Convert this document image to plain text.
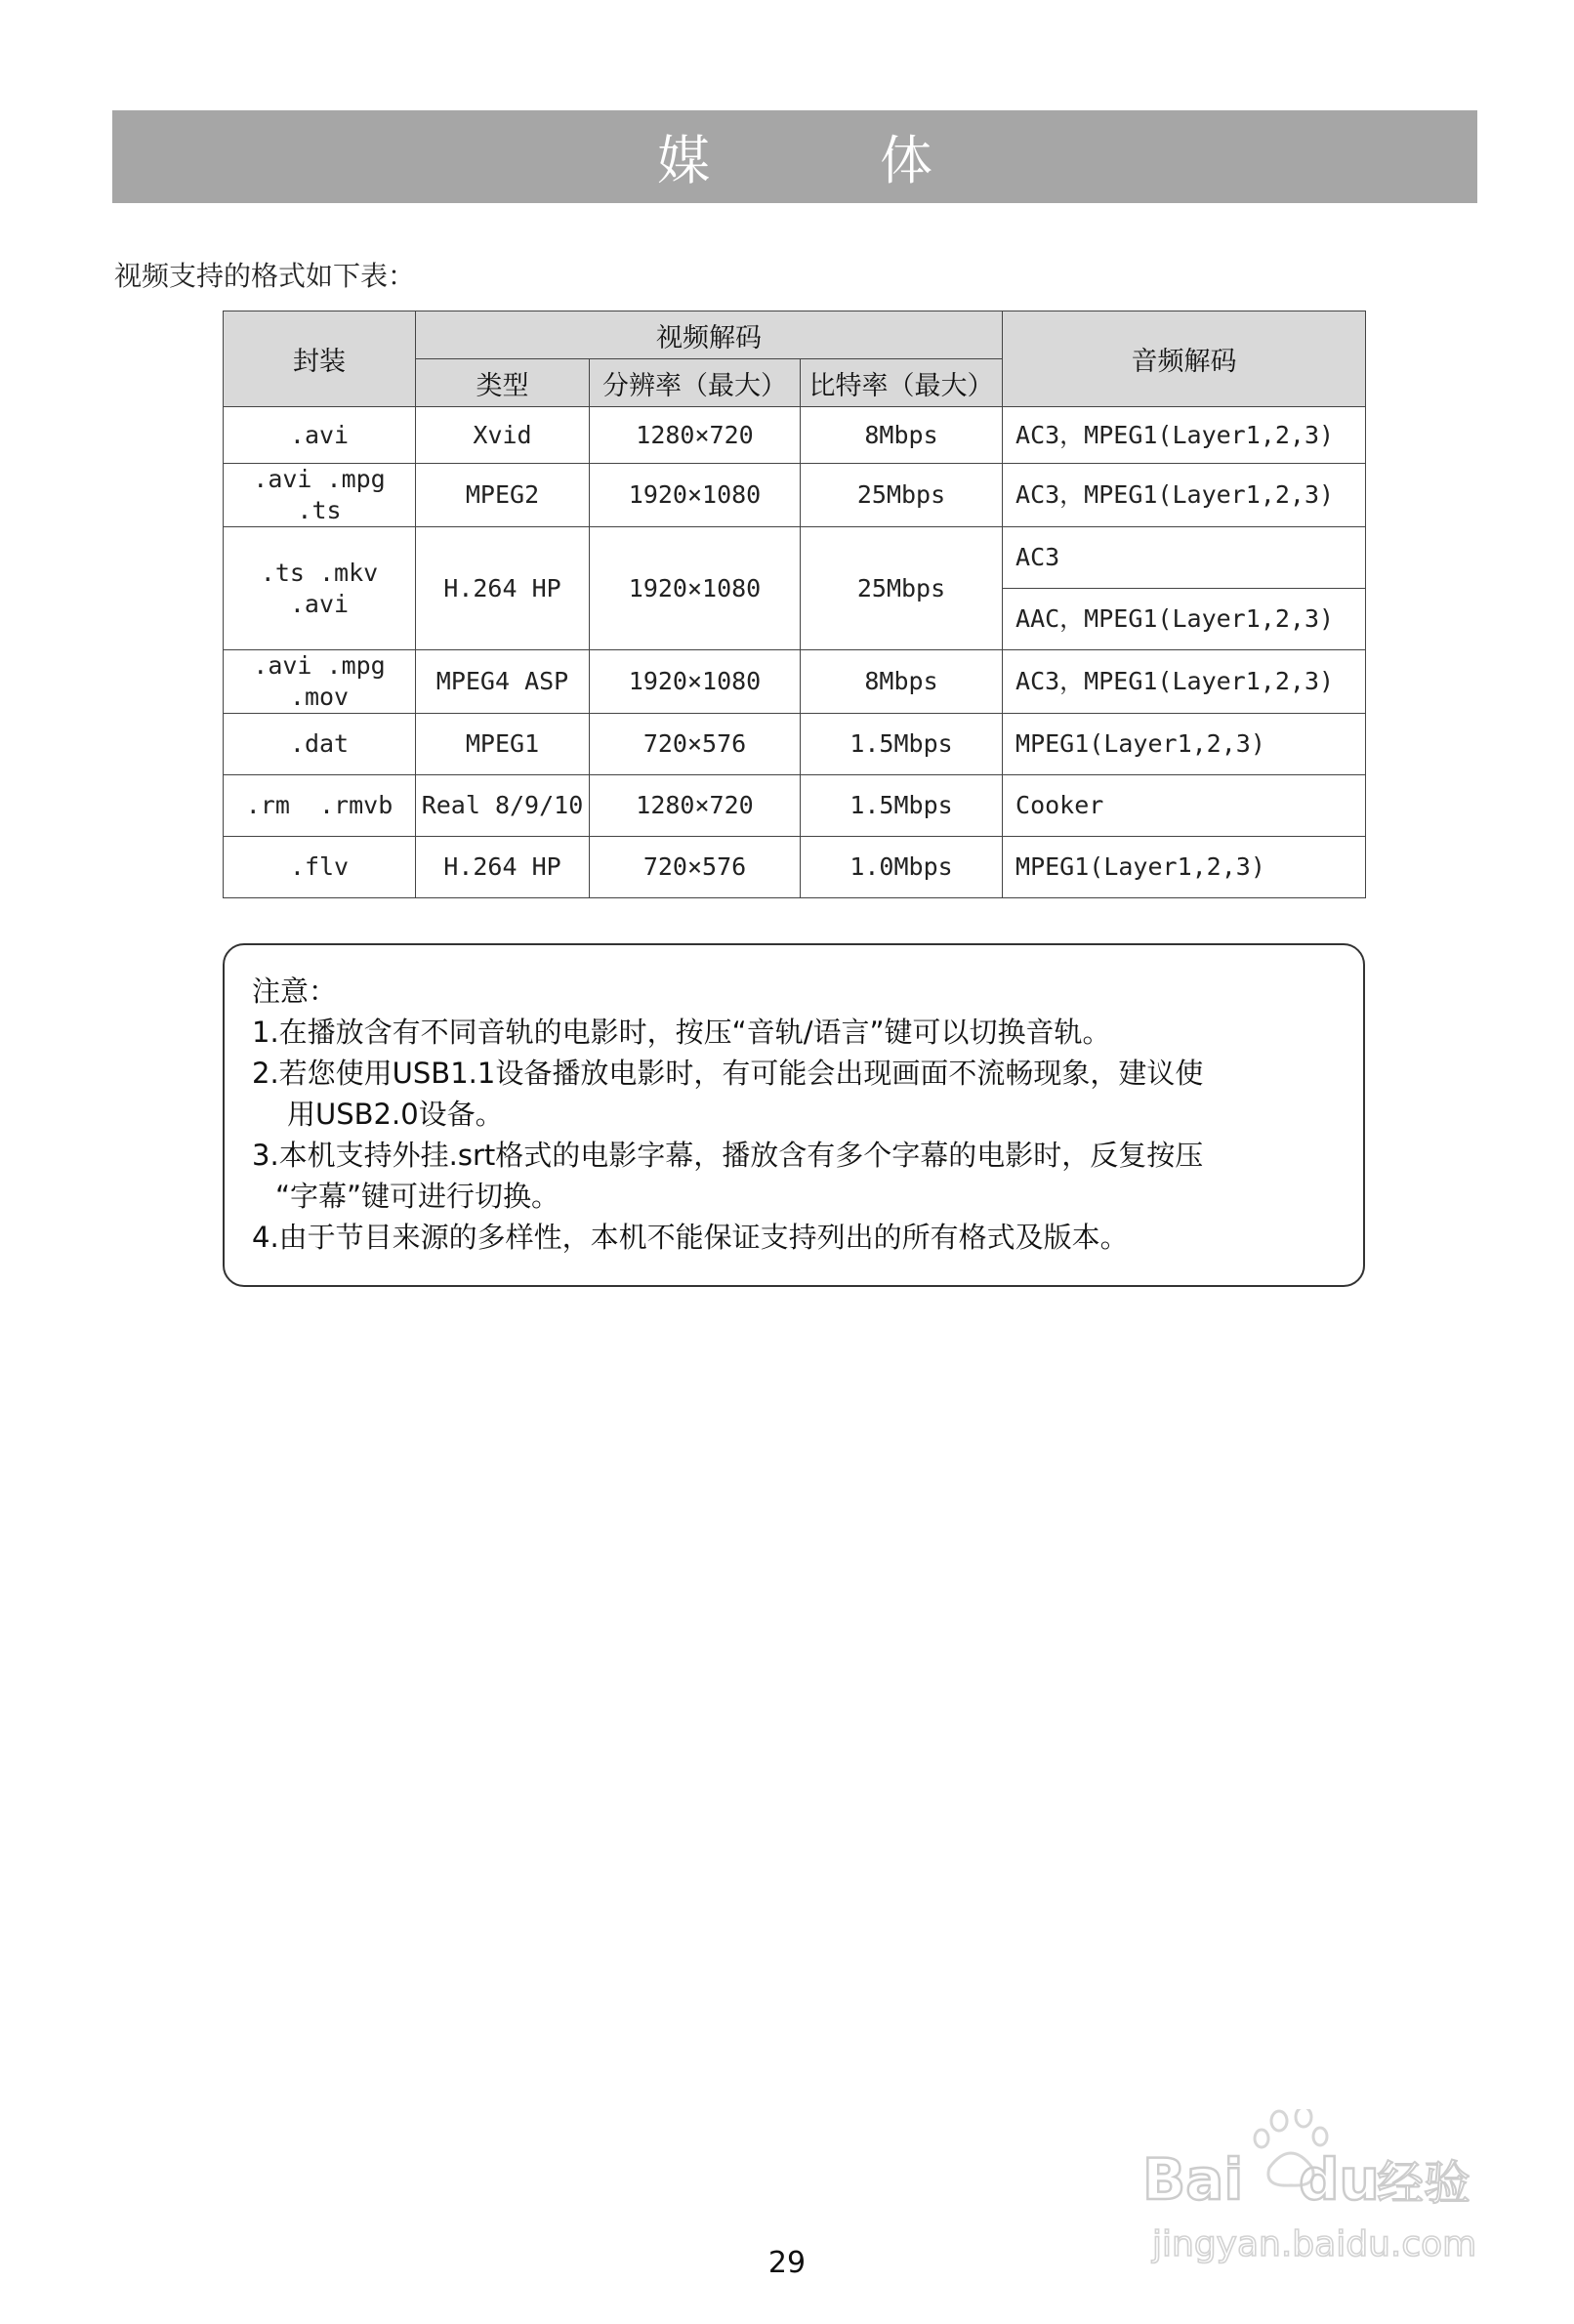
媒　体
视频支持的格式如下表：
封装	视频解码			音频解码
	类型	分辨率（最大）	比特率（最大）	
.avi	Xvid	1280×720	8Mbps	AC3，MPEG1(Layer1,2,3)
.avi .mpg
.ts	MPEG2	1920×1080	25Mbps	AC3，MPEG1(Layer1,2,3)
.ts .mkv
.avi	H.264 HP	1920×1080	25Mbps	AC3
				AAC，MPEG1(Layer1,2,3)
.avi .mpg
.mov	MPEG4 ASP	1920×1080	8Mbps	AC3，MPEG1(Layer1,2,3)
.dat	MPEG1	720×576	1.5Mbps	MPEG1(Layer1,2,3)
.rm  .rmvb	Real 8/9/10	1280×720	1.5Mbps	Cooker
.flv	H.264 HP	720×576	1.0Mbps	MPEG1(Layer1,2,3)
注意：
1.在播放含有不同音轨的电影时，按压“音轨/语言”键可以切换音轨。
2.若您使用USB1.1设备播放电影时，有可能会出现画面不流畅现象，建议使
用USB2.0设备。
3.本机支持外挂.srt格式的电影字幕，播放含有多个字幕的电影时，反复按压
“字幕”键可进行切换。
4.由于节目来源的多样性，本机不能保证支持列出的所有格式及版本。
Bai du
经验
jingyan.baidu.com
29
